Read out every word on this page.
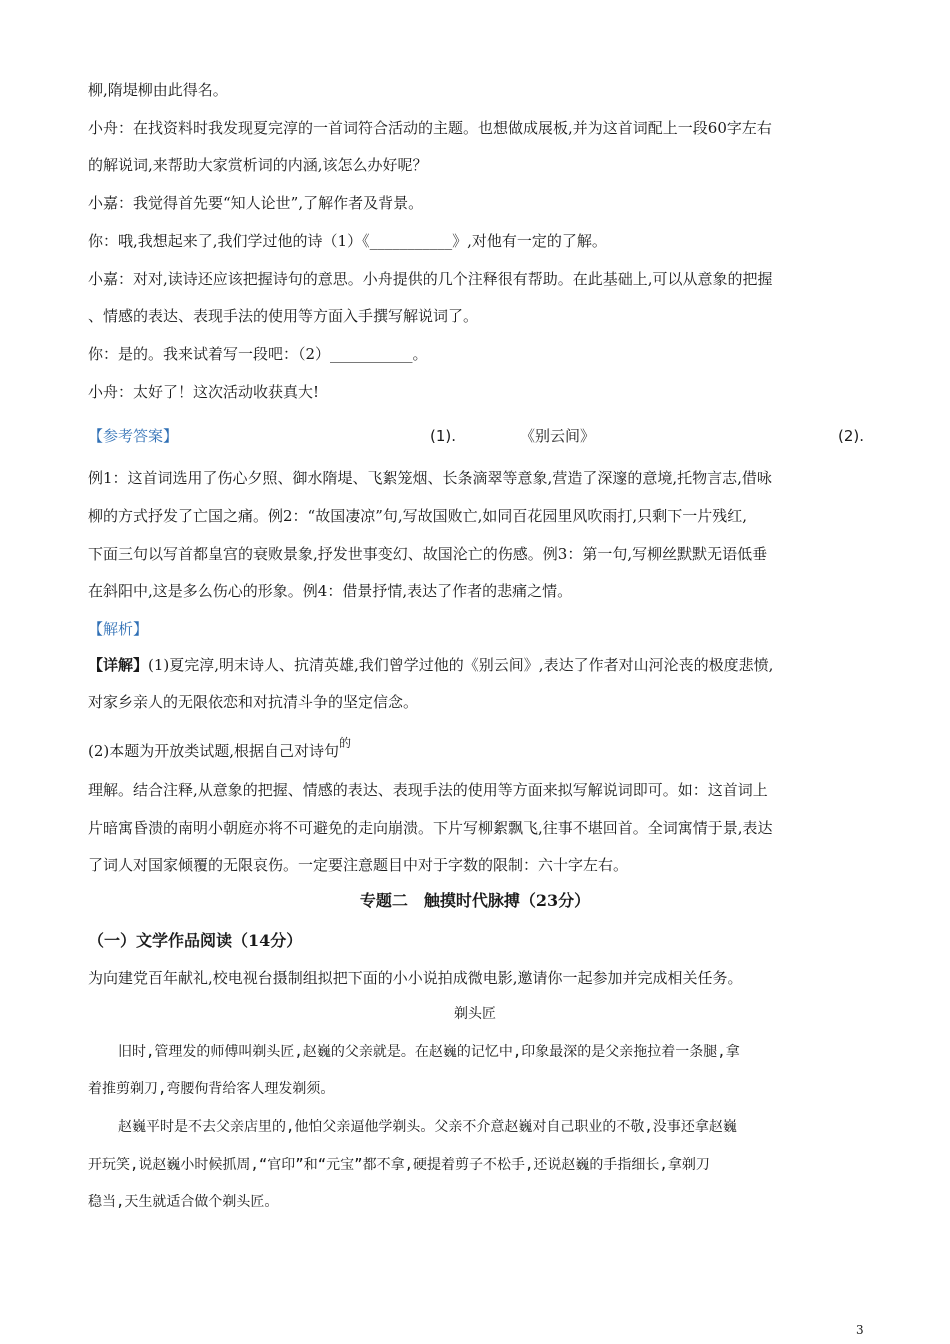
柳,隋堤柳由此得名。
小舟：在找资料时我发现夏完淳的一首词符合活动的主题。也想做成展板,并为这首词配上一段60字左右
的解说词,来帮助大家赏析词的内涵,该怎么办好呢？
小嘉：我觉得首先要“知人论世”,了解作者及背景。
你：哦,我想起来了,我们学过他的诗（1）《___________》,对他有一定的了解。
小嘉：对对,读诗还应该把握诗句的意思。小舟提供的几个注释很有帮助。在此基础上,可以从意象的把握
、情感的表达、表现手法的使用等方面入手撰写解说词了。
你：是的。我来试着写一段吧：（2）___________。
小舟：太好了！这次活动收获真大!
【参考答案】	(1).	《别云间》	(2).
例1：这首词选用了伤心夕照、御水隋堤、飞絮笼烟、长条滴翠等意象,营造了深邃的意境,托物言志,借咏
柳的方式抒发了亡国之痛。例2：“故国凄凉”句,写故国败亡,如同百花园里风吹雨打,只剩下一片残红,
下面三句以写首都皇宫的衰败景象,抒发世事变幻、故国沦亡的伤感。例3：第一句,写柳丝默默无语低垂
在斜阳中,这是多么伤心的形象。例4：借景抒情,表达了作者的悲痛之情。
【解析】
【详解】(1)夏完淳,明末诗人、抗清英雄,我们曾学过他的《别云间》,表达了作者对山河沦丧的极度悲愤,
对家乡亲人的无限依恋和对抗清斗争的坚定信念。
(2)本题为开放类试题,根据自己对诗句$^的$
理解。结合注释,从意象的把握、情感的表达、表现手法的使用等方面来拟写解说词即可。如：这首词上
片暗寓昏溃的南明小朝庭亦将不可避免的走向崩溃。下片写柳絮飘飞,往事不堪回首。全词寓情于景,表达
了词人对国家倾覆的无限哀伤。一定要注意题目中对于字数的限制：六十字左右。
专题二　触摸时代脉搏（23分）
（一）文学作品阅读（14分）
为向建党百年献礼,校电视台摄制组拟把下面的小小说拍成微电影,邀请你一起参加并完成相关任务。
剃头匠
旧时,管理发的师傅叫剃头匠,赵巍的父亲就是。在赵巍的记忆中,印象最深的是父亲拖拉着一条腿,拿
着推剪剃刀,弯腰佝背给客人理发剃须。
赵巍平时是不去父亲店里的,他怕父亲逼他学剃头。父亲不介意赵巍对自己职业的不敬,没事还拿赵巍
开玩笑,说赵巍小时候抓周,“官印”和“元宝”都不拿,硬提着剪子不松手,还说赵巍的手指细长,拿剃刀
稳当,天生就适合做个剃头匠。
3
